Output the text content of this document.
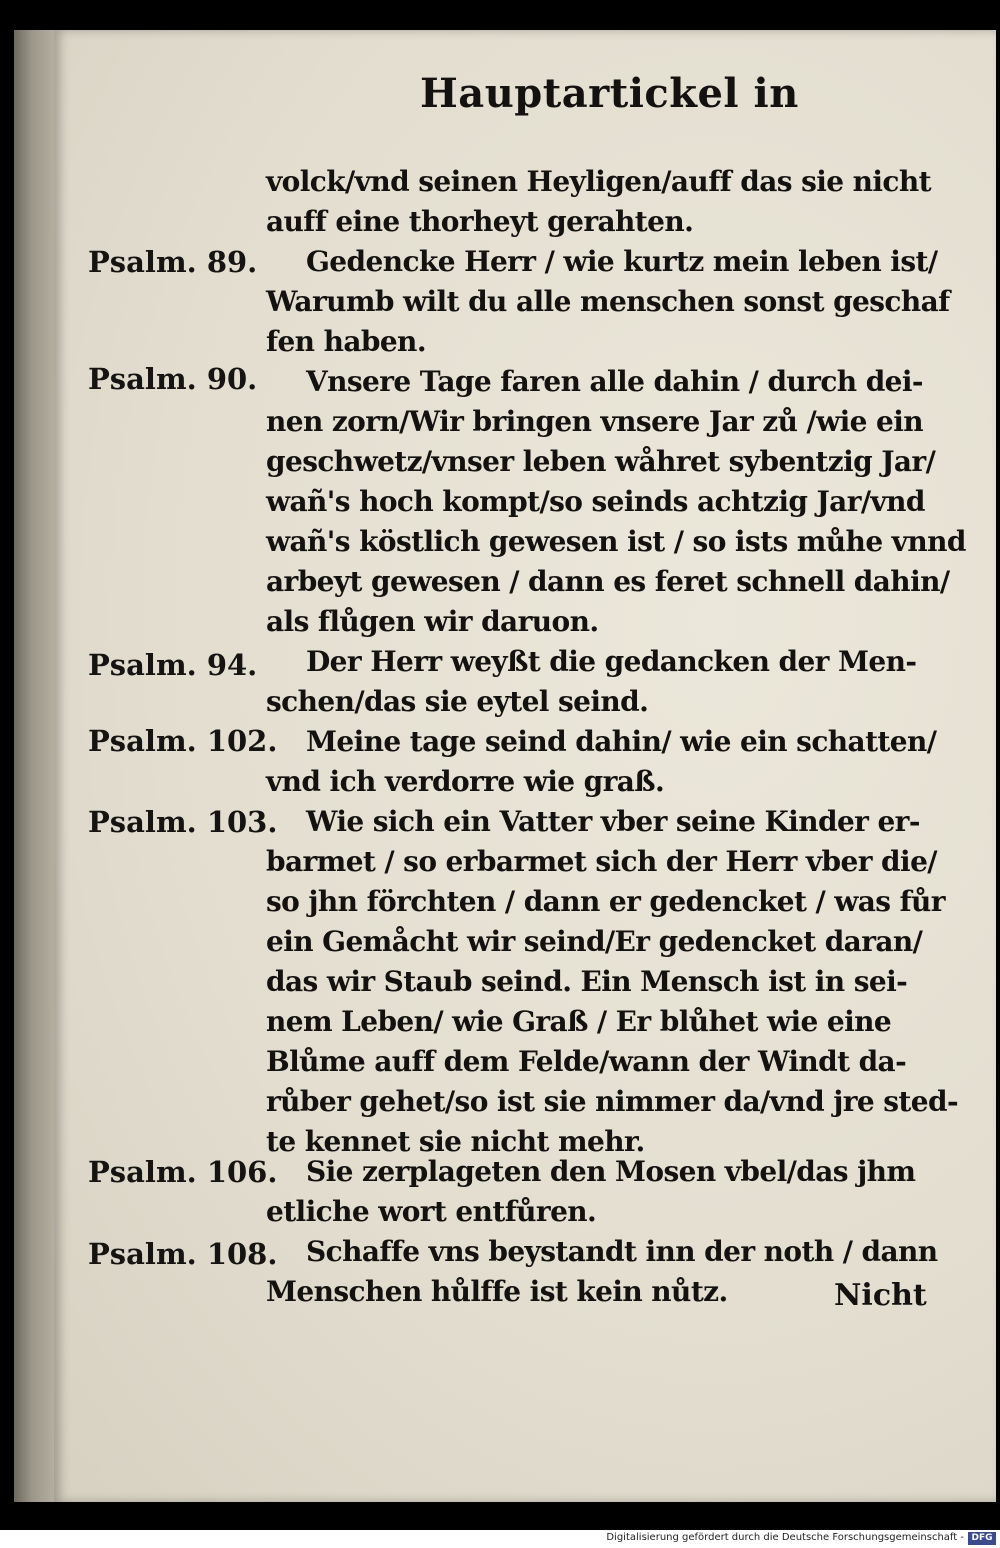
Hauptartickel in
Psalm. 89.
Psalm. 90.
Psalm. 94.
Psalm. 102.
Psalm. 103.
Psalm. 106.
Psalm. 108.
volck/vnd seinen Heyligen/auff das sie nicht
auff eine thorheyt gerahten.
Gedencke Herr / wie kurtz mein leben ist/
Warumb wilt du alle menschen sonst geschaf
fen haben.
Vnsere Tage faren alle dahin / durch dei-
nen zorn/Wir bringen vnsere Jar zů /wie ein
geschwetz/vnser leben wåhret sybentzig Jar/
wañ's hoch kompt/so seinds achtzig Jar/vnd
wañ's köstlich gewesen ist / so ists můhe vnnd
arbeyt gewesen / dann es feret schnell dahin/
als flůgen wir daruon.
Der Herr weyßt die gedancken der Men-
schen/das sie eytel seind.
Meine tage seind dahin/ wie ein schatten/
vnd ich verdorre wie graß.
Wie sich ein Vatter vber seine Kinder er-
barmet / so erbarmet sich der Herr vber die/
so jhn förchten / dann er gedencket / was fůr
ein Gemåcht wir seind/Er gedencket daran/
das wir Staub seind. Ein Mensch ist in sei-
nem Leben/ wie Graß / Er blůhet wie eine
Blůme auff dem Felde/wann der Windt da-
růber gehet/so ist sie nimmer da/vnd jre sted-
te kennet sie nicht mehr.
Sie zerplageten den Mosen vbel/das jhm
etliche wort entfůren.
Schaffe vns beystandt inn der noth / dann
Menschen hůlffe ist kein nůtz.	Nicht
Digitalisierung gefördert durch die Deutsche Forschungsgemeinschaft - DFG
